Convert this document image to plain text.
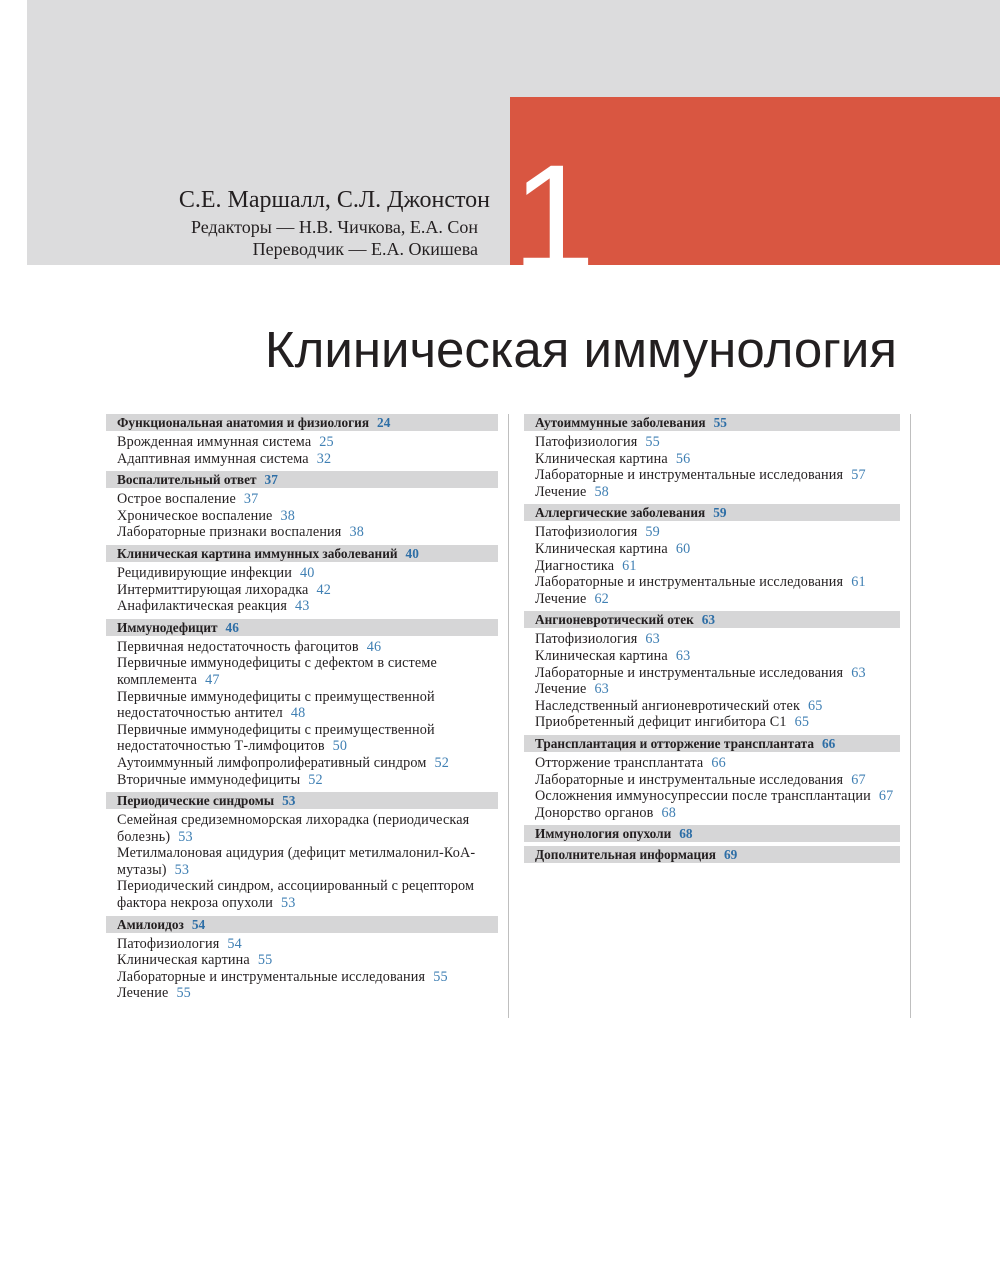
1
С.Е. Маршалл, С.Л. Джонстон
Редакторы — Н.В. Чичкова, Е.А. Сон
Переводчик — Е.А. Окишева
Клиническая иммунология
Функциональная анатомия и физиология 24
Врожденная иммунная система 25
Адаптивная иммунная система 32
Воспалительный ответ 37
Острое воспаление 37
Хроническое воспаление 38
Лабораторные признаки воспаления 38
Клиническая картина иммунных заболеваний 40
Рецидивирующие инфекции 40
Интермиттирующая лихорадка 42
Анафилактическая реакция 43
Иммунодефицит 46
Первичная недостаточность фагоцитов 46
Первичные иммунодефициты с дефектом в системе комплемента 47
Первичные иммунодефициты с преимущественной недостаточностью антител 48
Первичные иммунодефициты с преимущественной недостаточностью Т-лимфоцитов 50
Аутоиммунный лимфопролиферативный синдром 52
Вторичные иммунодефициты 52
Периодические синдромы 53
Семейная средиземноморская лихорадка (периодическая болезнь) 53
Метилмалоновая ацидурия (дефицит метилмалонил-КоА-мутазы) 53
Периодический синдром, ассоциированный с рецептором фактора некроза опухоли 53
Амилоидоз 54
Патофизиология 54
Клиническая картина 55
Лабораторные и инструментальные исследования 55
Лечение 55
Аутоиммунные заболевания 55
Патофизиология 55
Клиническая картина 56
Лабораторные и инструментальные исследования 57
Лечение 58
Аллергические заболевания 59
Патофизиология 59
Клиническая картина 60
Диагностика 61
Лабораторные и инструментальные исследования 61
Лечение 62
Ангионевротический отек 63
Патофизиология 63
Клиническая картина 63
Лабораторные и инструментальные исследования 63
Лечение 63
Наследственный ангионевротический отек 65
Приобретенный дефицит ингибитора С1 65
Трансплантация и отторжение трансплантата 66
Отторжение трансплантата 66
Лабораторные и инструментальные исследования 67
Осложнения иммуносупрессии после трансплантации 67
Донорство органов 68
Иммунология опухоли 68
Дополнительная информация 69
